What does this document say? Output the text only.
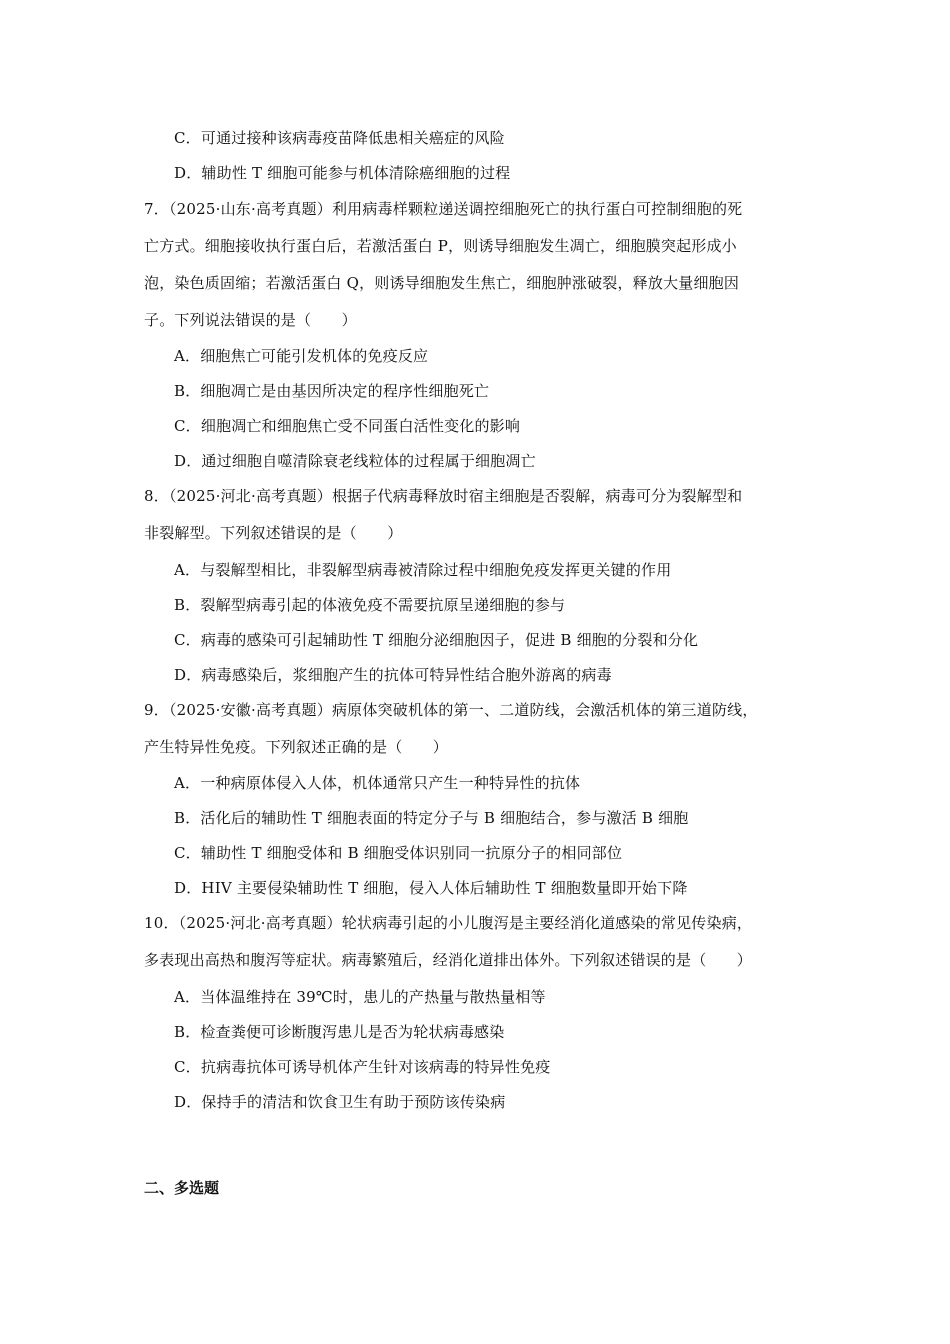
C．可通过接种该病毒疫苗降低患相关癌症的风险
D．辅助性 T 细胞可能参与机体清除癌细胞的过程
7．（2025·山东·高考真题）利用病毒样颗粒递送调控细胞死亡的执行蛋白可控制细胞的死
亡方式。细胞接收执行蛋白后，若激活蛋白 P，则诱导细胞发生凋亡，细胞膜突起形成小
泡，染色质固缩；若激活蛋白 Q，则诱导细胞发生焦亡，细胞肿涨破裂，释放大量细胞因
子。下列说法错误的是（　　）
A．细胞焦亡可能引发机体的免疫反应
B．细胞凋亡是由基因所决定的程序性细胞死亡
C．细胞凋亡和细胞焦亡受不同蛋白活性变化的影响
D．通过细胞自噬清除衰老线粒体的过程属于细胞凋亡
8．（2025·河北·高考真题）根据子代病毒释放时宿主细胞是否裂解，病毒可分为裂解型和
非裂解型。下列叙述错误的是（　　）
A．与裂解型相比，非裂解型病毒被清除过程中细胞免疫发挥更关键的作用
B．裂解型病毒引起的体液免疫不需要抗原呈递细胞的参与
C．病毒的感染可引起辅助性 T 细胞分泌细胞因子，促进 B 细胞的分裂和分化
D．病毒感染后，浆细胞产生的抗体可特异性结合胞外游离的病毒
9．（2025·安徽·高考真题）病原体突破机体的第一、二道防线，会激活机体的第三道防线，
产生特异性免疫。下列叙述正确的是（　　）
A．一种病原体侵入人体，机体通常只产生一种特异性的抗体
B．活化后的辅助性 T 细胞表面的特定分子与 B 细胞结合，参与激活 B 细胞
C．辅助性 T 细胞受体和 B 细胞受体识别同一抗原分子的相同部位
D．HIV 主要侵染辅助性 T 细胞，侵入人体后辅助性 T 细胞数量即开始下降
10．（2025·河北·高考真题）轮状病毒引起的小儿腹泻是主要经消化道感染的常见传染病，
多表现出高热和腹泻等症状。病毒繁殖后，经消化道排出体外。下列叙述错误的是（　　）
A．当体温维持在 39℃时，患儿的产热量与散热量相等
B．检查粪便可诊断腹泻患儿是否为轮状病毒感染
C．抗病毒抗体可诱导机体产生针对该病毒的特异性免疫
D．保持手的清洁和饮食卫生有助于预防该传染病
二、多选题
